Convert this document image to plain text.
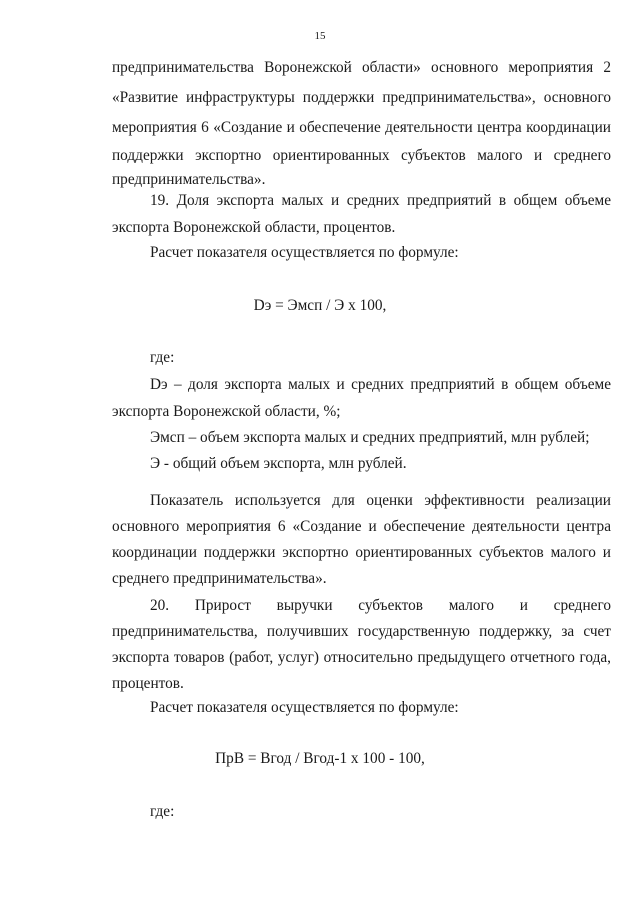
15
предпринимательства Воронежской области» основного мероприятия 2
«Развитие инфраструктуры поддержки предпринимательства», основного
мероприятия 6 «Создание и обеспечение деятельности центра координации
поддержки экспортно ориентированных субъектов малого и среднего
предпринимательства».
19. Доля экспорта малых и средних предприятий в общем объеме
экспорта Воронежской области, процентов.
Расчет показателя осуществляется по формуле:
Dэ = Эмсп / Э х 100,
где:
Dэ – доля экспорта малых и средних предприятий в общем объеме
экспорта Воронежской области, %;
Эмсп – объем экспорта малых и средних предприятий, млн рублей;
Э - общий объем экспорта, млн рублей.
Показатель используется для оценки эффективности реализации
основного мероприятия 6 «Создание и обеспечение деятельности центра
координации поддержки экспортно ориентированных субъектов малого и
среднего предпринимательства».
20. Прирост выручки субъектов малого и среднего
предпринимательства, получивших государственную поддержку, за счет
экспорта товаров (работ, услуг) относительно предыдущего отчетного года,
процентов.
Расчет показателя осуществляется по формуле:
ПрВ = Вгод / Вгод-1 х 100 - 100,
где:
